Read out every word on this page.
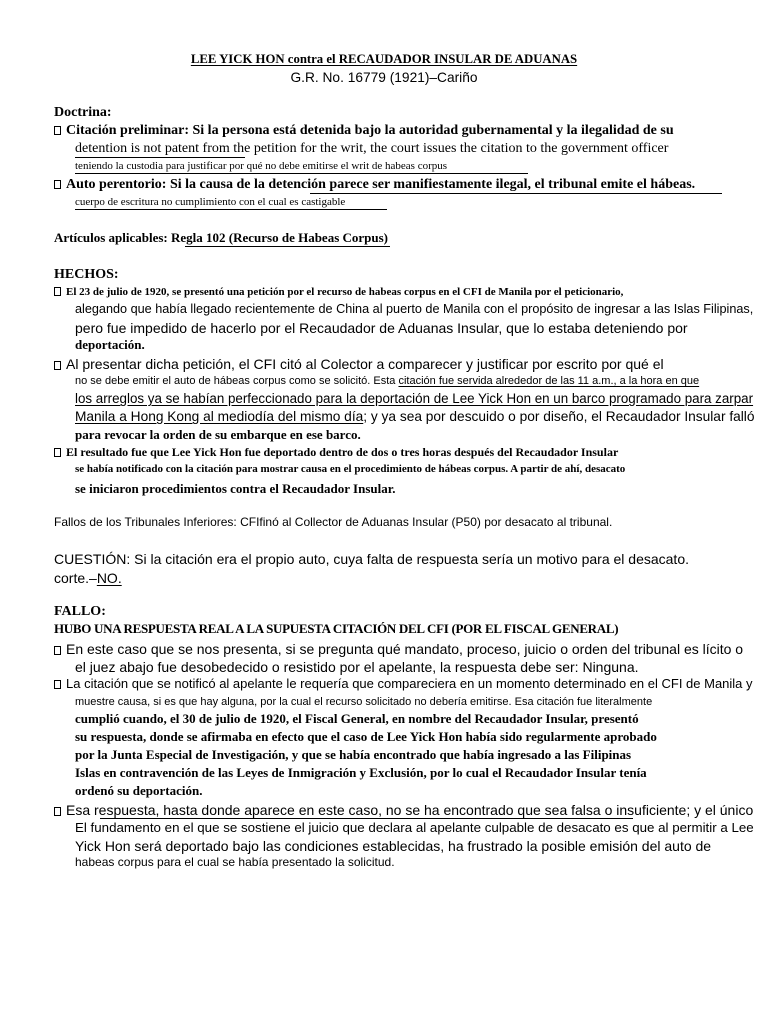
LEE YICK HON contra el RECAUDADOR INSULAR DE ADUANAS
G.R. No. 16779 (1921)–Cariño
Doctrina:
Citación preliminar: Si la persona está detenida bajo la autoridad gubernamental y la ilegalidad de su
detention is not patent from the petition for the writ, the court issues the citation to the government officer
teniendo la custodia para justificar por qué no debe emitirse el writ de habeas corpus
Auto perentorio: Si la causa de la detención parece ser manifiestamente ilegal, el tribunal emite el hábeas.
cuerpo de escritura no cumplimiento con el cual es castigable
Artículos aplicables: Regla 102 (Recurso de Habeas Corpus)
HECHOS:
El 23 de julio de 1920, se presentó una petición por el recurso de habeas corpus en el CFI de Manila por el peticionario,
alegando que había llegado recientemente de China al puerto de Manila con el propósito de ingresar a las Islas Filipinas,
pero fue impedido de hacerlo por el Recaudador de Aduanas Insular, que lo estaba deteniendo por
deportación.
Al presentar dicha petición, el CFI citó al Colector a comparecer y justificar por escrito por qué el
no se debe emitir el auto de hábeas corpus como se solicitó. Esta citación fue servida alrededor de las 11 a.m., a la hora en que
los arreglos ya se habían perfeccionado para la deportación de Lee Yick Hon en un barco programado para zarpar
Manila a Hong Kong al mediodía del mismo día; y ya sea por descuido o por diseño, el Recaudador Insular falló
para revocar la orden de su embarque en ese barco.
El resultado fue que Lee Yick Hon fue deportado dentro de dos o tres horas después del Recaudador Insular
se había notificado con la citación para mostrar causa en el procedimiento de hábeas corpus. A partir de ahí, desacato
se iniciaron procedimientos contra el Recaudador Insular.
Fallos de los Tribunales Inferiores: CFIfinó al Collector de Aduanas Insular (P50) por desacato al tribunal.
CUESTIÓN: Si la citación era el propio auto, cuya falta de respuesta sería un motivo para el desacato.
corte.–NO.
FALLO:
HUBO UNA RESPUESTA REAL A LA SUPUESTA CITACIÓN DEL CFI (POR EL FISCAL GENERAL)
En este caso que se nos presenta, si se pregunta qué mandato, proceso, juicio o orden del tribunal es lícito o
el juez abajo fue desobedecido o resistido por el apelante, la respuesta debe ser: Ninguna.
La citación que se notificó al apelante le requería que compareciera en un momento determinado en el CFI de Manila y
muestre causa, si es que hay alguna, por la cual el recurso solicitado no debería emitirse. Esa citación fue literalmente
cumplió cuando, el 30 de julio de 1920, el Fiscal General, en nombre del Recaudador Insular, presentó
su respuesta, donde se afirmaba en efecto que el caso de Lee Yick Hon había sido regularmente aprobado
por la Junta Especial de Investigación, y que se había encontrado que había ingresado a las Filipinas
Islas en contravención de las Leyes de Inmigración y Exclusión, por lo cual el Recaudador Insular tenía
ordenó su deportación.
Esa respuesta, hasta donde aparece en este caso, no se ha encontrado que sea falsa o insuficiente; y el único
El fundamento en el que se sostiene el juicio que declara al apelante culpable de desacato es que al permitir a Lee
Yick Hon será deportado bajo las condiciones establecidas, ha frustrado la posible emisión del auto de
habeas corpus para el cual se había presentado la solicitud.
